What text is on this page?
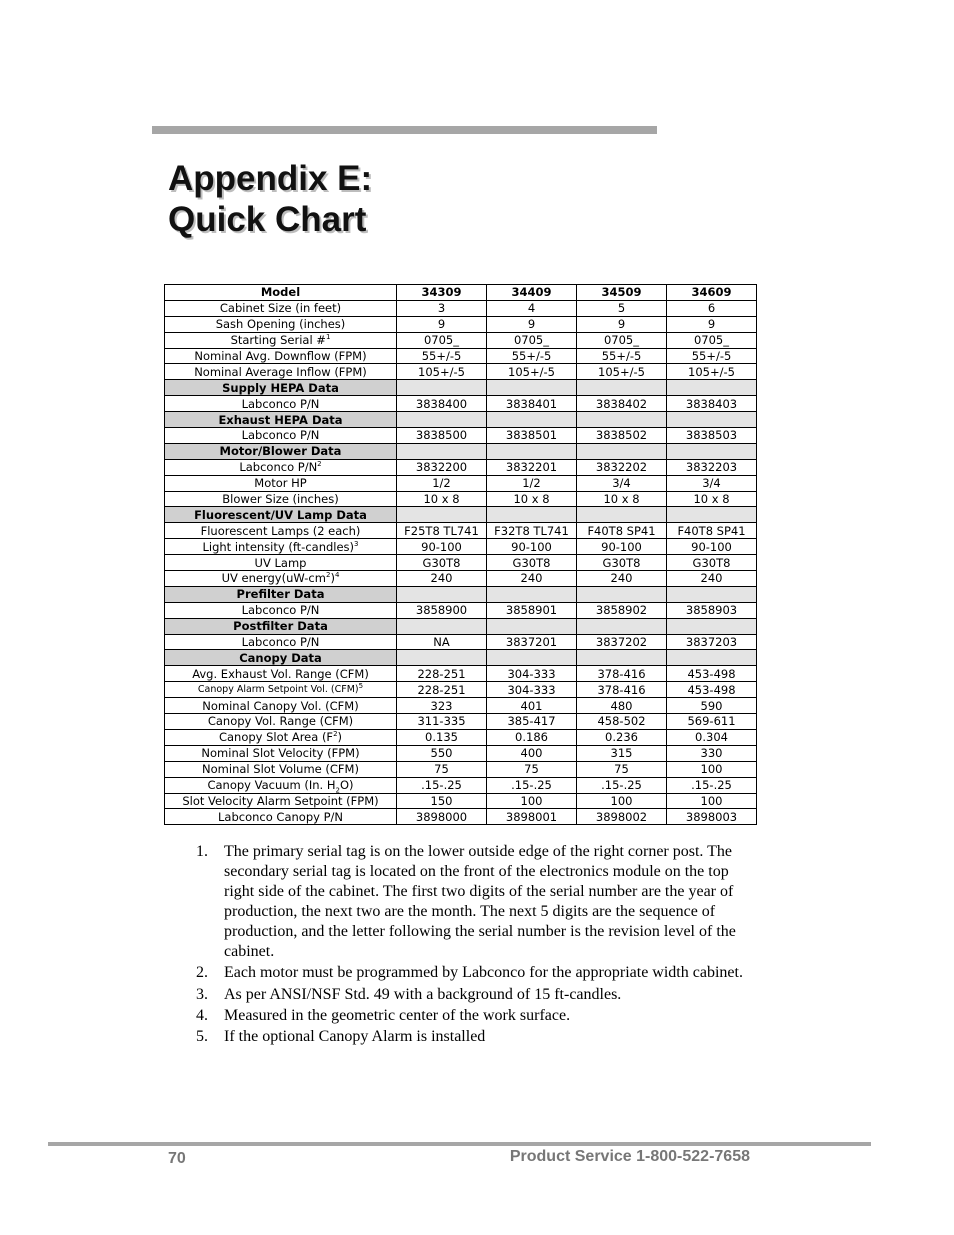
Appendix E:
Quick Chart
Model	34309	34409	34509	34609
Cabinet Size (in feet)	3	4	5	6
Sash Opening (inches)	9	9	9	9
Starting Serial #$^1$	0705_	0705_	0705_	0705_
Nominal Avg. Downflow (FPM)	55+/-5	55+/-5	55+/-5	55+/-5
Nominal Average Inflow (FPM)	105+/-5	105+/-5	105+/-5	105+/-5
Supply HEPA Data				
Labconco P/N	3838400	3838401	3838402	3838403
Exhaust HEPA Data				
Labconco P/N	3838500	3838501	3838502	3838503
Motor/Blower Data				
Labconco $P/N^2$	3832200	3832201	3832202	3832203
Motor HP	1/2	1/2	3/4	3/4
Blower Size (inches)	10 x 8	10 x 8	10 x 8	10 x 8
Fluorescent/UV Lamp Data				
Fluorescent Lamps (2 each)	F25T8 TL741	F32T8 TL741	F40T8 SP41	F40T8 SP41
Light intensity (ft-candles)$^3$	90-100	90-100	90-100	90-100
UV Lamp	G30T8	G30T8	G30T8	G30T8
UV $energy(uW-cm^2)^4$	240	240	240	240
Prefilter Data				
Labconco P/N	3858900	3858901	3858902	3858903
Postfilter Data				
Labconco P/N	NA	3837201	3837202	3837203
Canopy Data				
Avg. Exhaust Vol. Range (CFM)	228-251	304-333	378-416	453-498
Canopy Alarm Setpoint Vol. (CFM)$^5$	228-251	304-333	378-416	453-498
Nominal Canopy Vol. (CFM)	323	401	480	590
Canopy Vol. Range (CFM)	311-335	385-417	458-502	569-611
Canopy Slot Area $(F^2)$	0.135	0.186	0.236	0.304
Nominal Slot Velocity (FPM)	550	400	315	330
Nominal Slot Volume (CFM)	75	75	75	100
Canopy Vacuum (In. $H_2O$)	.15-.25	.15-.25	.15-.25	.15-.25
Slot Velocity Alarm Setpoint (FPM)	150	100	100	100
Labconco Canopy P/N	3898000	3898001	3898002	3898003
1. The primary serial tag is on the lower outside edge of the right corner post. The secondary serial tag is located on the front of the electronics module on the top right side of the cabinet. The first two digits of the serial number are the year of production, the next two are the month. The next 5 digits are the sequence of production, and the letter following the serial number is the revision level of the cabinet.
2. Each motor must be programmed by Labconco for the appropriate width cabinet.
3. As per ANSI/NSF Std. 49 with a background of 15 ft-candles.
4. Measured in the geometric center of the work surface.
5. If the optional Canopy Alarm is installed
70	Product Service 1-800-522-7658
